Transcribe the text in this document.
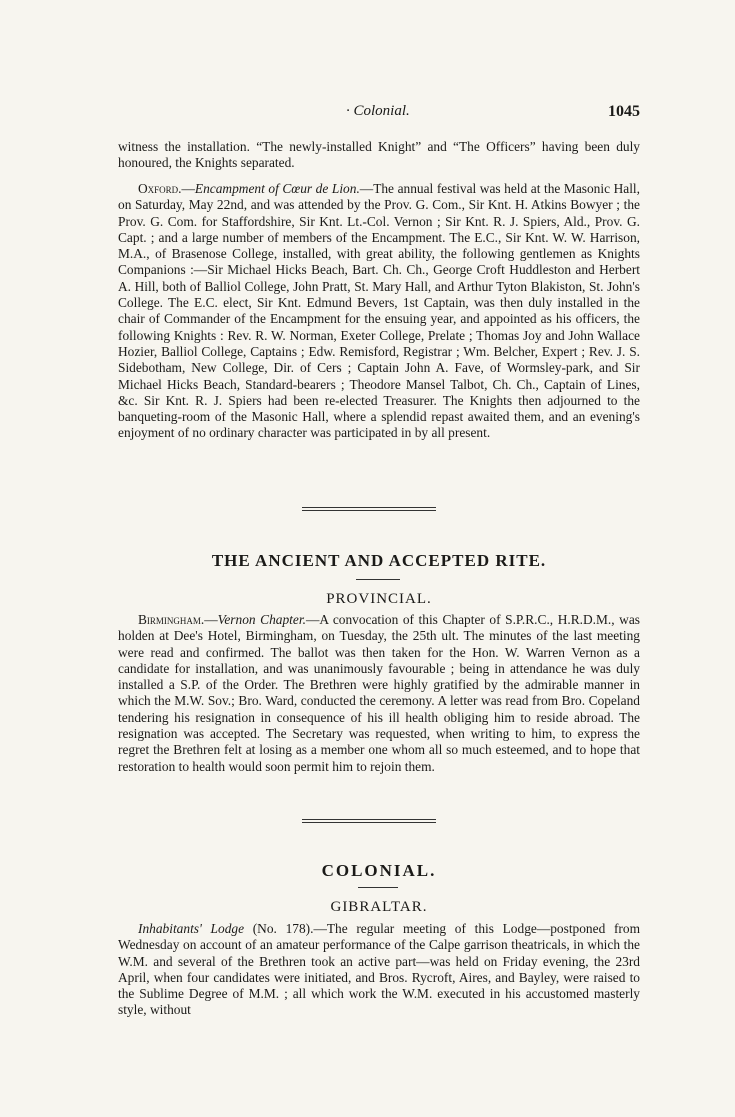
· Colonial.	1045

witness the installation. “The newly-installed Knight” and “The Officers” having been duly honoured, the Knights separated.

Oxford.—Encampment of Cœur de Lion.—The annual festival was held at the Masonic Hall, on Saturday, May 22nd, and was attended by the Prov. G. Com., Sir Knt. H. Atkins Bowyer ; the Prov. G. Com. for Staffordshire, Sir Knt. Lt.-Col. Vernon ; Sir Knt. R. J. Spiers, Ald., Prov. G. Capt. ; and a large number of members of the Encampment. The E.C., Sir Knt. W. W. Harrison, M.A., of Brasenose College, installed, with great ability, the following gentlemen as Knights Companions :—Sir Michael Hicks Beach, Bart. Ch. Ch., George Croft Huddleston and Herbert A. Hill, both of Balliol College, John Pratt, St. Mary Hall, and Arthur Tyton Blakiston, St. John's College. The E.C. elect, Sir Knt. Edmund Bevers, 1st Captain, was then duly installed in the chair of Commander of the Encampment for the ensuing year, and appointed as his officers, the following Knights : Rev. R. W. Norman, Exeter College, Prelate ; Thomas Joy and John Wallace Hozier, Balliol College, Captains ; Edw. Remisford, Registrar ; Wm. Belcher, Expert ; Rev. J. S. Sidebotham, New College, Dir. of Cers ; Captain John A. Fave, of Wormsley-park, and Sir Michael Hicks Beach, Standard-bearers ; Theodore Mansel Talbot, Ch. Ch., Captain of Lines, &c. Sir Knt. R. J. Spiers had been re-elected Treasurer. The Knights then adjourned to the banqueting-room of the Masonic Hall, where a splendid repast awaited them, and an evening's enjoyment of no ordinary character was participated in by all present.

THE ANCIENT AND ACCEPTED RITE.
PROVINCIAL.

Birmingham.—Vernon Chapter.—A convocation of this Chapter of S.P.R.C., H.R.D.M., was holden at Dee's Hotel, Birmingham, on Tuesday, the 25th ult. The minutes of the last meeting were read and confirmed. The ballot was then taken for the Hon. W. Warren Vernon as a candidate for installation, and was unanimously favourable ; being in attendance he was duly installed a S.P. of the Order. The Brethren were highly gratified by the admirable manner in which the M.W. Sov.; Bro. Ward, conducted the ceremony. A letter was read from Bro. Copeland tendering his resignation in consequence of his ill health obliging him to reside abroad. The resignation was accepted. The Secretary was requested, when writing to him, to express the regret the Brethren felt at losing as a member one whom all so much esteemed, and to hope that restoration to health would soon permit him to rejoin them.

COLONIAL.
GIBRALTAR.

Inhabitants' Lodge (No. 178).—The regular meeting of this Lodge—postponed from Wednesday on account of an amateur performance of the Calpe garrison theatricals, in which the W.M. and several of the Brethren took an active part—was held on Friday evening, the 23rd April, when four candidates were initiated, and Bros. Rycroft, Aires, and Bayley, were raised to the Sublime Degree of M.M. ; all which work the W.M. executed in his accustomed masterly style, without
